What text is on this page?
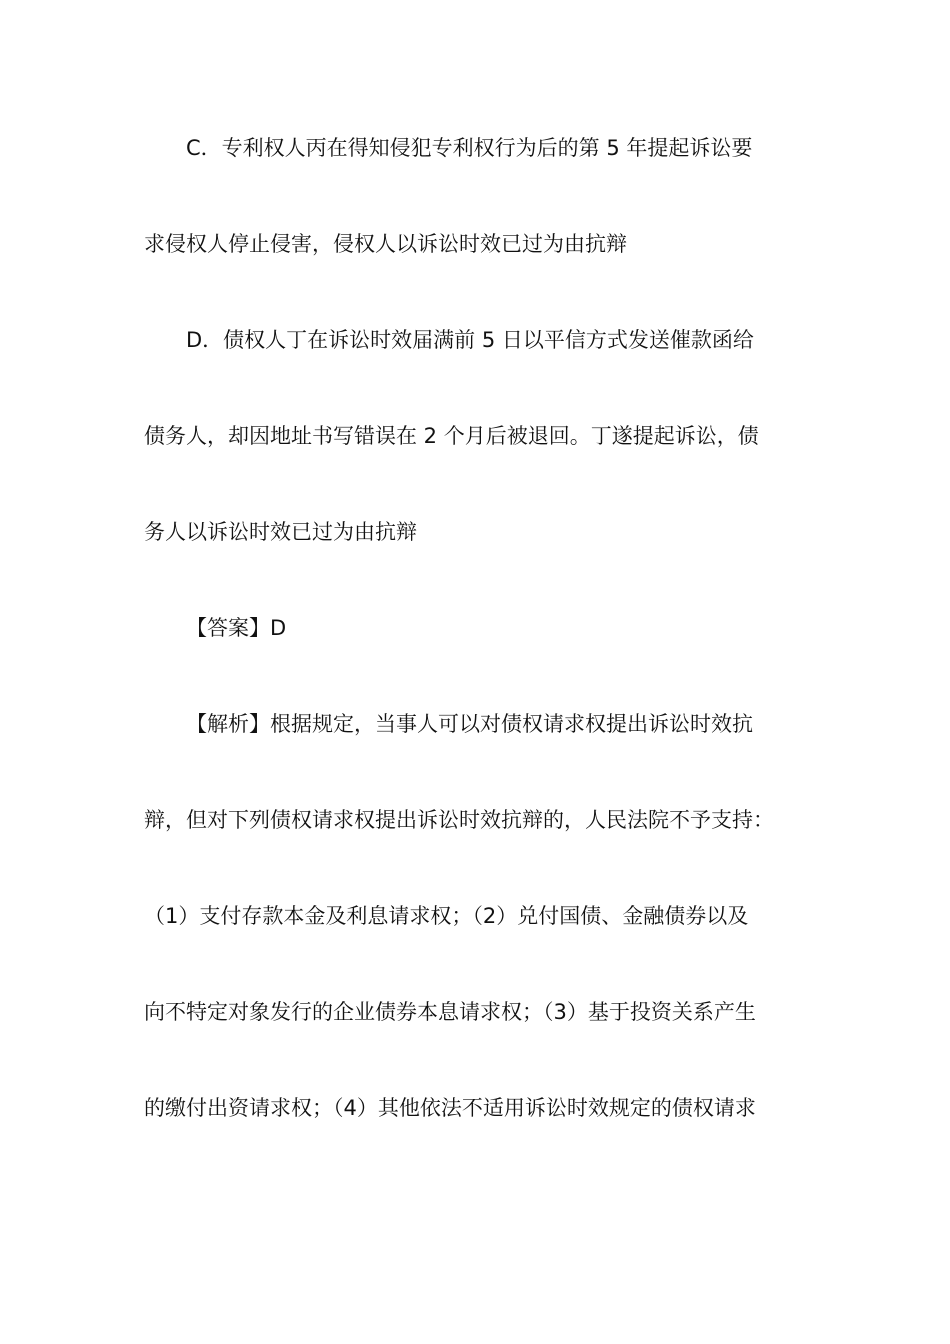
C．专利权人丙在得知侵犯专利权行为后的第 5 年提起诉讼要
求侵权人停止侵害，侵权人以诉讼时效已过为由抗辩
D．债权人丁在诉讼时效届满前 5 日以平信方式发送催款函给
债务人，却因地址书写错误在 2 个月后被退回。丁遂提起诉讼，债
务人以诉讼时效已过为由抗辩
【答案】D
【解析】根据规定，当事人可以对债权请求权提出诉讼时效抗
辩，但对下列债权请求权提出诉讼时效抗辩的，人民法院不予支持：
（1）支付存款本金及利息请求权；（2）兑付国债、金融债券以及
向不特定对象发行的企业债券本息请求权；（3）基于投资关系产生
的缴付出资请求权；（4）其他依法不适用诉讼时效规定的债权请求
